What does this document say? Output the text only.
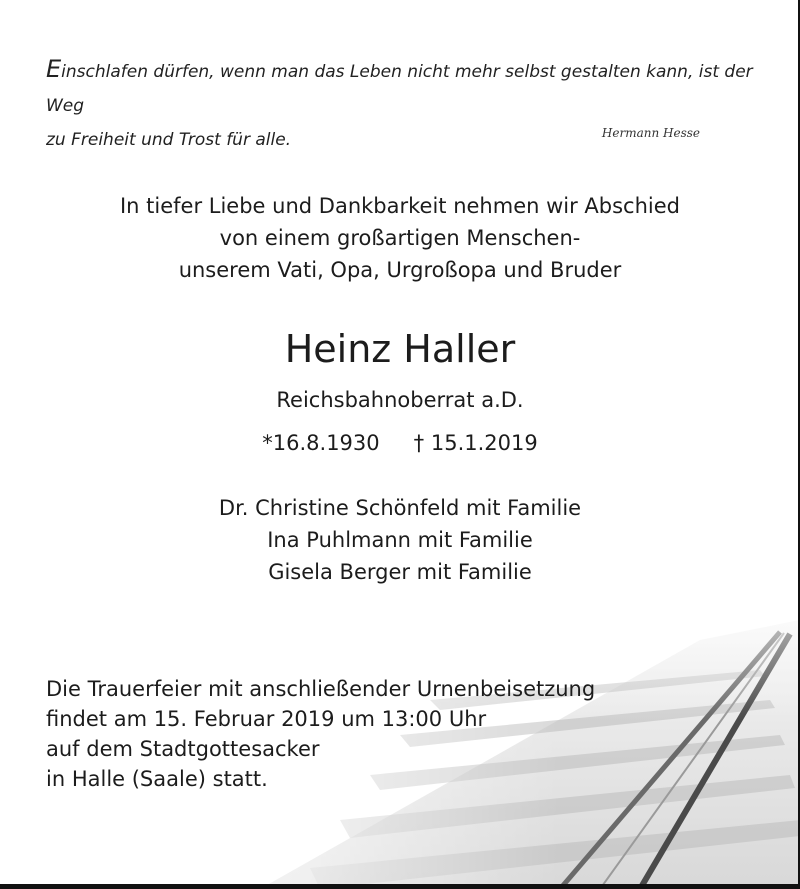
Einschlafen dürfen, wenn man das Leben nicht mehr selbst gestalten kann, ist der Weg
zu Freiheit und Trost für alle.	Hermann Hesse
In tiefer Liebe und Dankbarkeit nehmen wir Abschied
von einem großartigen Menschen-
unserem Vati, Opa, Urgroßopa und Bruder
Heinz Haller
Reichsbahnoberrat a.D.
*16.8.1930 † 15.1.2019
Dr. Christine Schönfeld mit Familie
Ina Puhlmann mit Familie
Gisela Berger mit Familie
Die Trauerfeier mit anschließender Urnenbeisetzung
findet am 15. Februar 2019 um 13:00 Uhr
auf dem Stadtgottesacker
in Halle (Saale) statt.
